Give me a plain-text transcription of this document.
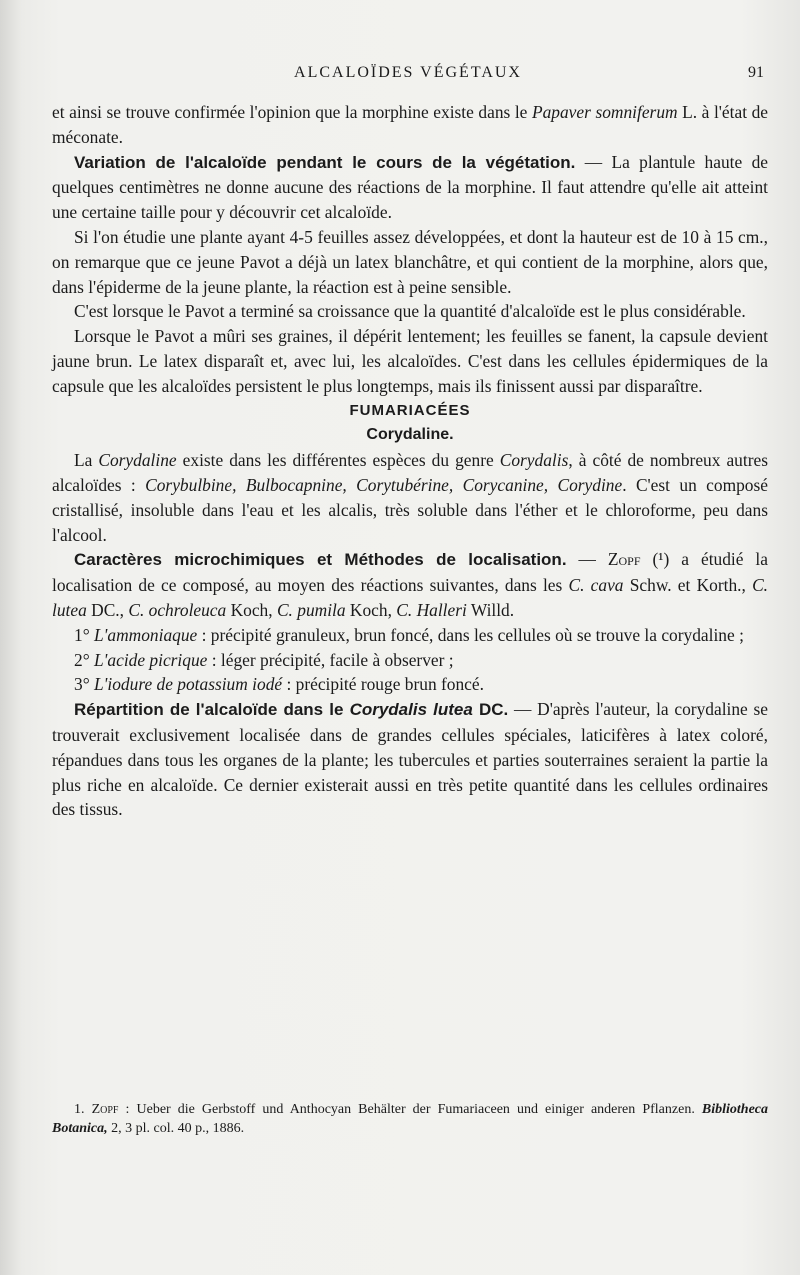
ALCALOÏDES VÉGÉTAUX	91

et ainsi se trouve confirmée l'opinion que la morphine existe dans le Papaver somniferum L. à l'état de méconate.

Variation de l'alcaloïde pendant le cours de la végétation. — La plantule haute de quelques centimètres ne donne aucune des réactions de la morphine. Il faut attendre qu'elle ait atteint une certaine taille pour y découvrir cet alcaloïde.

Si l'on étudie une plante ayant 4-5 feuilles assez développées, et dont la hauteur est de 10 à 15 cm., on remarque que ce jeune Pavot a déjà un latex blanchâtre, et qui contient de la morphine, alors que, dans l'épiderme de la jeune plante, la réaction est à peine sensible.

C'est lorsque le Pavot a terminé sa croissance que la quantité d'alcaloïde est le plus considérable.

Lorsque le Pavot a mûri ses graines, il dépérit lentement; les feuilles se fanent, la capsule devient jaune brun. Le latex disparaît et, avec lui, les alcaloïdes. C'est dans les cellules épidermiques de la capsule que les alcaloïdes persistent le plus longtemps, mais ils finissent aussi par disparaître.

FUMARIACÉES

Corydaline.

La Corydaline existe dans les différentes espèces du genre Corydalis, à côté de nombreux autres alcaloïdes : Corybulbine, Bulbocapnine, Corytubérine, Corycanine, Corydine. C'est un composé cristallisé, insoluble dans l'eau et les alcalis, très soluble dans l'éther et le chloroforme, peu dans l'alcool.

Caractères microchimiques et Méthodes de localisation. — Zopf (¹) a étudié la localisation de ce composé, au moyen des réactions suivantes, dans les C. cava Schw. et Korth., C. lutea DC., C. ochroleuca Koch, C. pumila Koch, C. Halleri Willd.

1° L'ammoniaque : précipité granuleux, brun foncé, dans les cellules où se trouve la corydaline ;

2° L'acide picrique : léger précipité, facile à observer ;

3° L'iodure de potassium iodé : précipité rouge brun foncé.

Répartition de l'alcaloïde dans le Corydalis lutea DC. — D'après l'auteur, la corydaline se trouverait exclusivement localisée dans de grandes cellules spéciales, laticifères à latex coloré, répandues dans tous les organes de la plante; les tubercules et parties souterraines seraient la partie la plus riche en alcaloïde. Ce dernier existerait aussi en très petite quantité dans les cellules ordinaires des tissus.

1. Zopf : Ueber die Gerbstoff und Anthocyan Behälter der Fumariaceen und einiger anderen Pflanzen. Bibliotheca Botanica, 2, 3 pl. col. 40 p., 1886.
